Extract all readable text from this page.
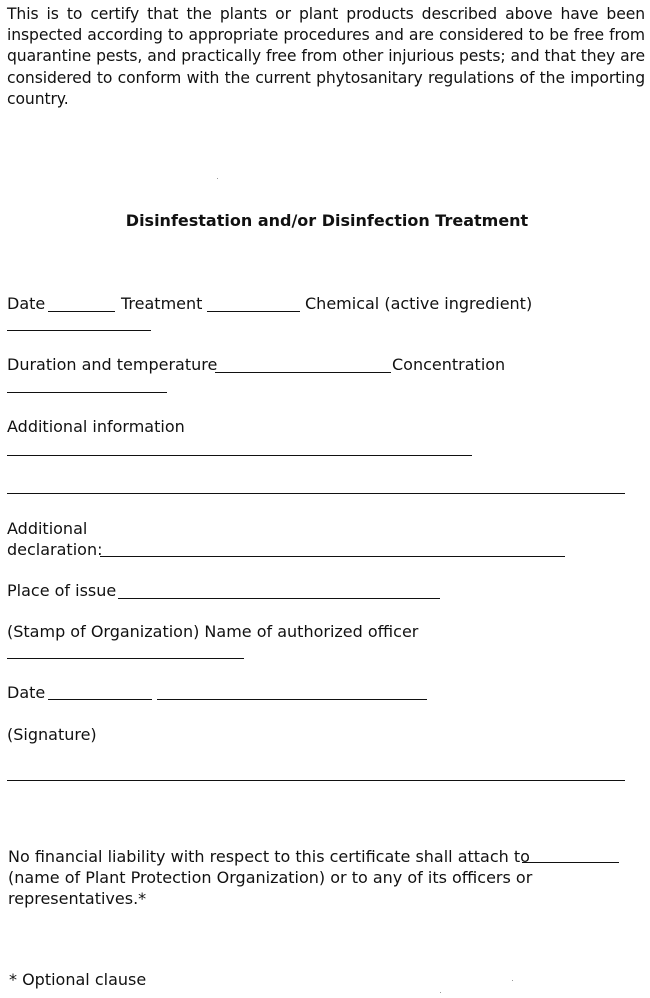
This is to certify that the plants or plant products described above have been inspected according to appropriate procedures and are considered to be free from quarantine pests, and practically free from other injurious pests; and that they are considered to conform with the current phytosanitary regulations of the importing country.
Disinfestation and/or Disinfection Treatment
Date	Treatment	Chemical (active ingredient)
Duration and temperature	Concentration
Additional information
Additional
declaration:
Place of issue
(Stamp of Organization) Name of authorized officer
Date
(Signature)
No financial liability with respect to this certificate shall attach to
(name of Plant Protection Organization) or to any of its officers or
representatives.*
* Optional clause
